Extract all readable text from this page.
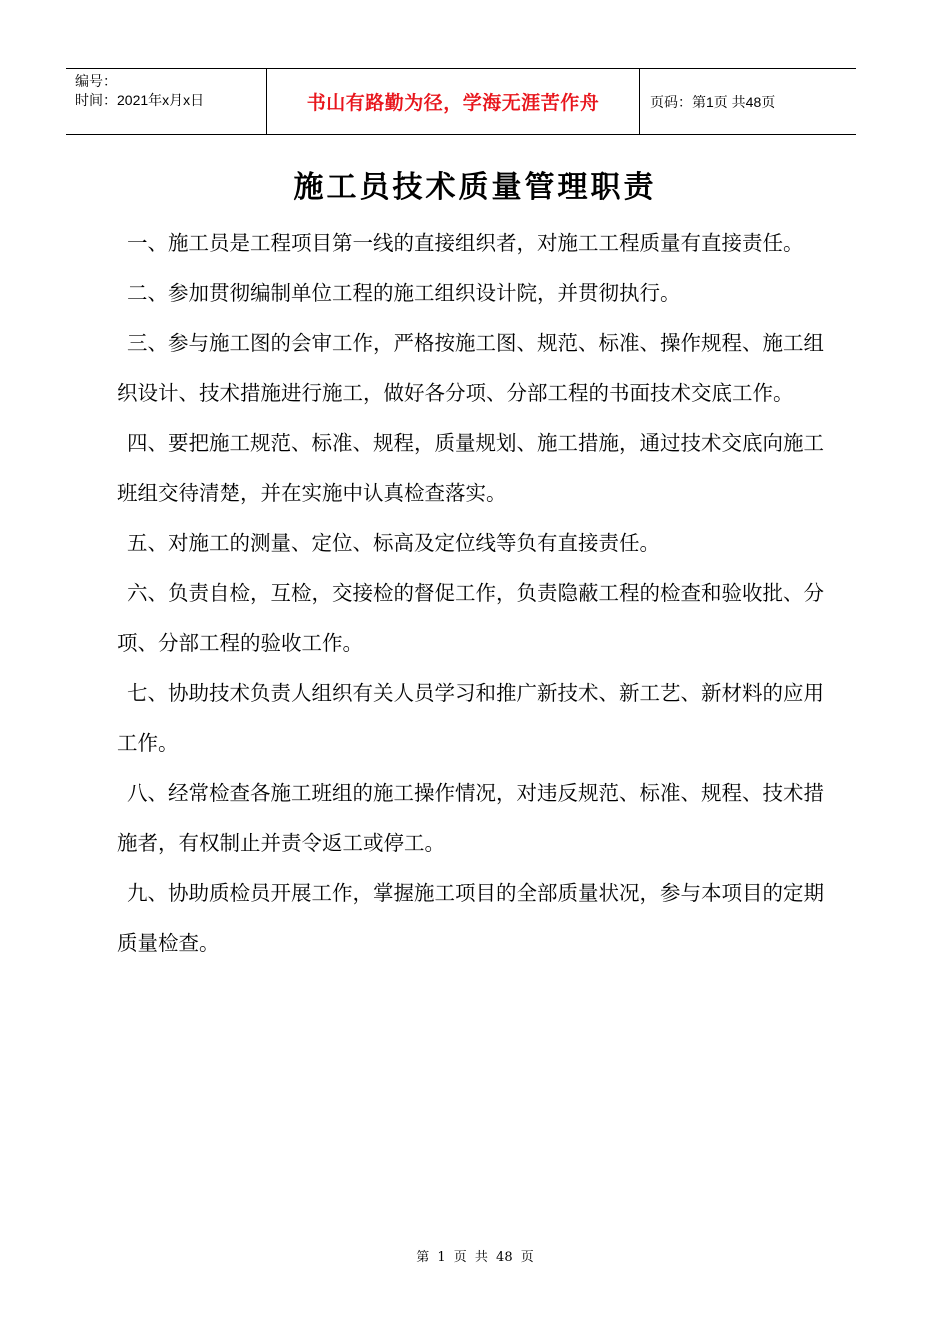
编号：
时间：2021年x月x日	书山有路勤为径，学海无涯苦作舟	页码：第1页 共48页
施工员技术质量管理职责

一、施工员是工程项目第一线的直接组织者，对施工工程质量有直接责任。

二、参加贯彻编制单位工程的施工组织设计院，并贯彻执行。

三、参与施工图的会审工作，严格按施工图、规范、标准、操作规程、施工组织设计、技术措施进行施工，做好各分项、分部工程的书面技术交底工作。

四、要把施工规范、标准、规程，质量规划、施工措施，通过技术交底向施工班组交待清楚，并在实施中认真检查落实。

五、对施工的测量、定位、标高及定位线等负有直接责任。

六、负责自检，互检，交接检的督促工作，负责隐蔽工程的检查和验收批、分项、分部工程的验收工作。

七、协助技术负责人组织有关人员学习和推广新技术、新工艺、新材料的应用工作。

八、经常检查各施工班组的施工操作情况，对违反规范、标准、规程、技术措施者，有权制止并责令返工或停工。

九、协助质检员开展工作，掌握施工项目的全部质量状况，参与本项目的定期质量检查。

第 1 页 共 48 页
